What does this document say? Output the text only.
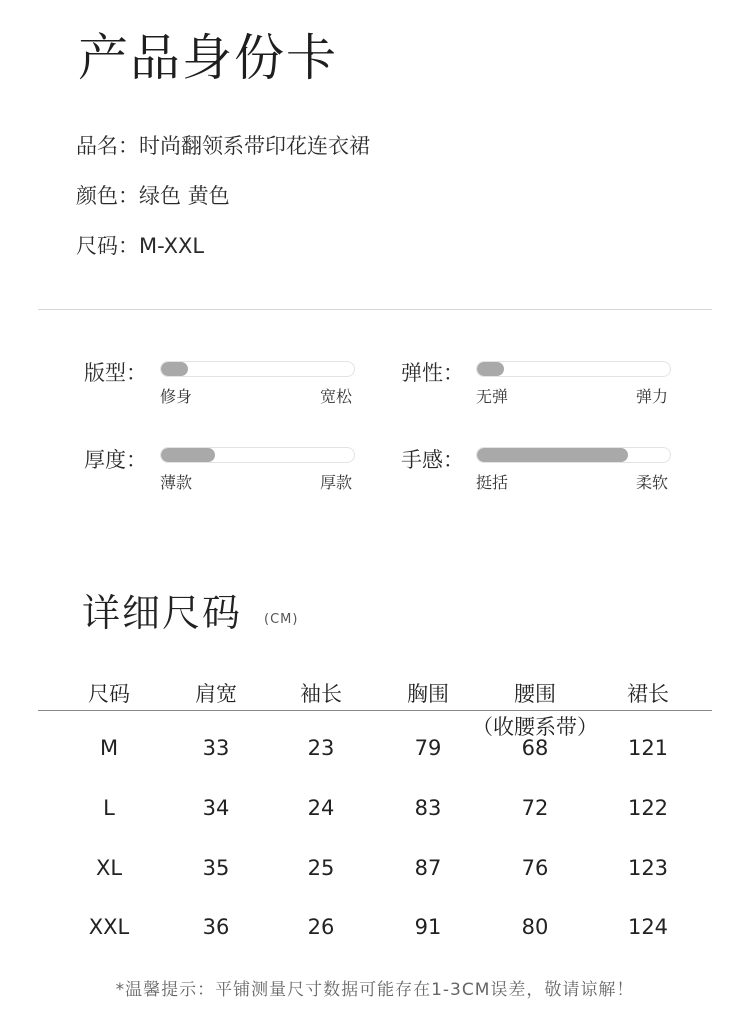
产品身份卡
品名：时尚翻领系带印花连衣裙
颜色：绿色 黄色
尺码：M-XXL
版型：
修身	宽松
弹性：
无弹	弹力
厚度：
薄款	厚款
手感：
挺括	柔软
详细尺码 (CM)
尺码	肩宽	袖长	胸围	腰围	裙长
（收腰系带）
M	33	23	79	68	121
L	34	24	83	72	122
XL	35	25	87	76	123
XXL	36	26	91	80	124
*温馨提示：平铺测量尺寸数据可能存在1-3CM误差，敬请谅解！
